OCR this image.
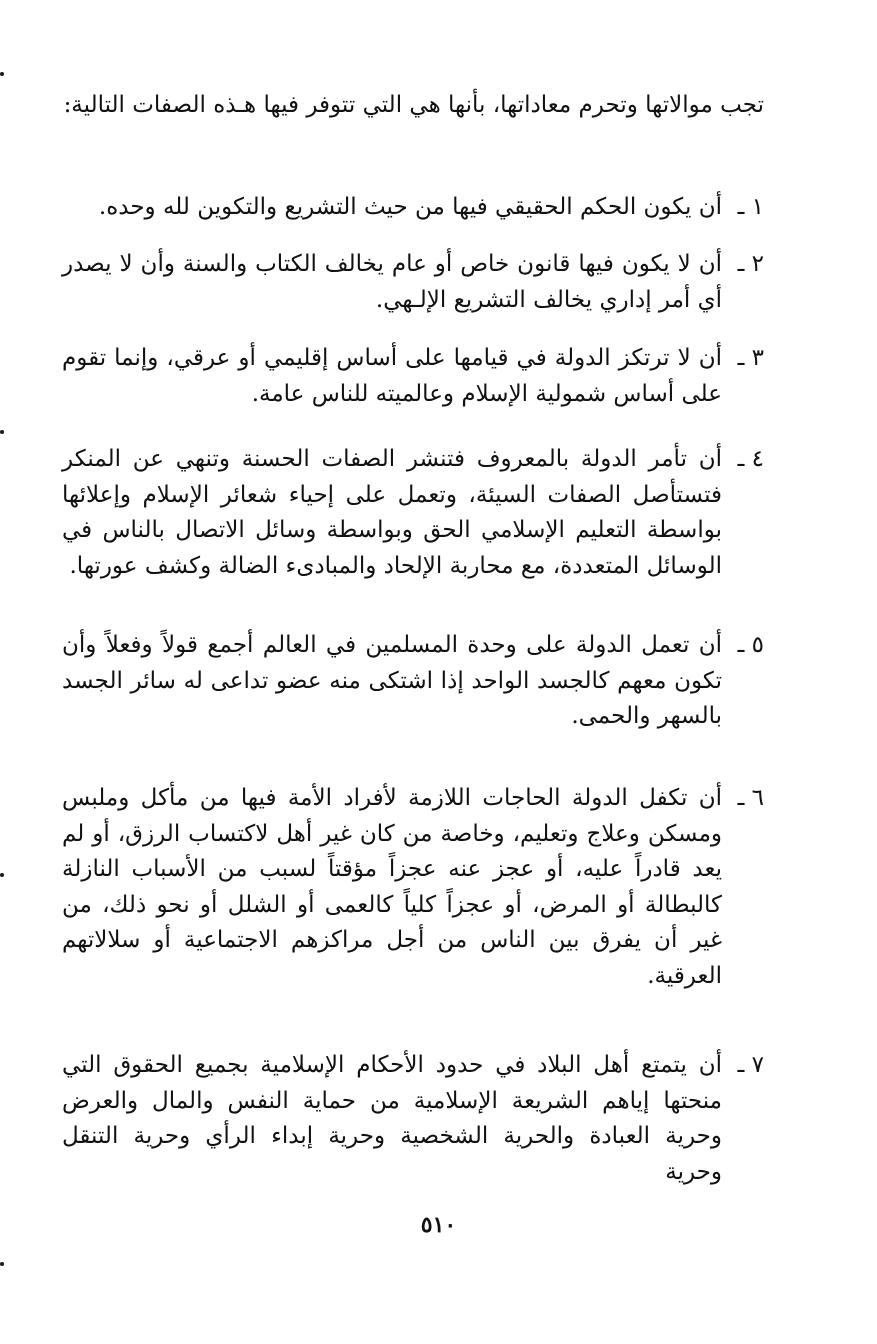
تجب موالاتها وتحرم معاداتها، بأنها هي التي تتوفر فيها هـذه الصفات التالية:

١ ـ
أن يكون الحكم الحقيقي فيها من حيث التشريع والتكوين لله وحده.
٢ ـ
أن لا يكون فيها قانون خاص أو عام يخالف الكتاب والسنة وأن لا يصدر أي أمر إداري يخالف التشريع الإلـهي.
٣ ـ
أن لا ترتكز الدولة في قيامها على أساس إقليمي أو عرقي، وإنما تقوم على أساس شمولية الإسلام وعالميته للناس عامة.
٤ ـ
أن تأمر الدولة بالمعروف فتنشر الصفات الحسنة وتنهي عن المنكر فتستأصل الصفات السيئة، وتعمل على إحياء شعائر الإسلام وإعلائها بواسطة التعليم الإسلامي الحق وبواسطة وسائل الاتصال بالناس في الوسائل المتعددة، مع محاربة الإلحاد والمبادىء الضالة وكشف عورتها.
٥ ـ
أن تعمل الدولة على وحدة المسلمين في العالم أجمع قولاً وفعلاً وأن تكون معهم كالجسد الواحد إذا اشتكى منه عضو تداعى له سائر الجسد بالسهر والحمى.
٦ ـ
أن تكفل الدولة الحاجات اللازمة لأفراد الأمة فيها من مأكل وملبس ومسكن وعلاج وتعليم، وخاصة من كان غير أهل لاكتساب الرزق، أو لم يعد قادراً عليه، أو عجز عنه عجزاً مؤقتاً لسبب من الأسباب النازلة كالبطالة أو المرض، أو عجزاً كلياً كالعمى أو الشلل أو نحو ذلك، من غير أن يفرق بين الناس من أجل مراكزهم الاجتماعية أو سلالاتهم العرقية.
٧ ـ
أن يتمتع أهل البلاد في حدود الأحكام الإسلامية بجميع الحقوق التي منحتها إياهم الشريعة الإسلامية من حماية النفس والمال والعرض وحرية العبادة والحرية الشخصية وحرية إبداء الرأي وحرية التنقل وحرية
٥١٠
